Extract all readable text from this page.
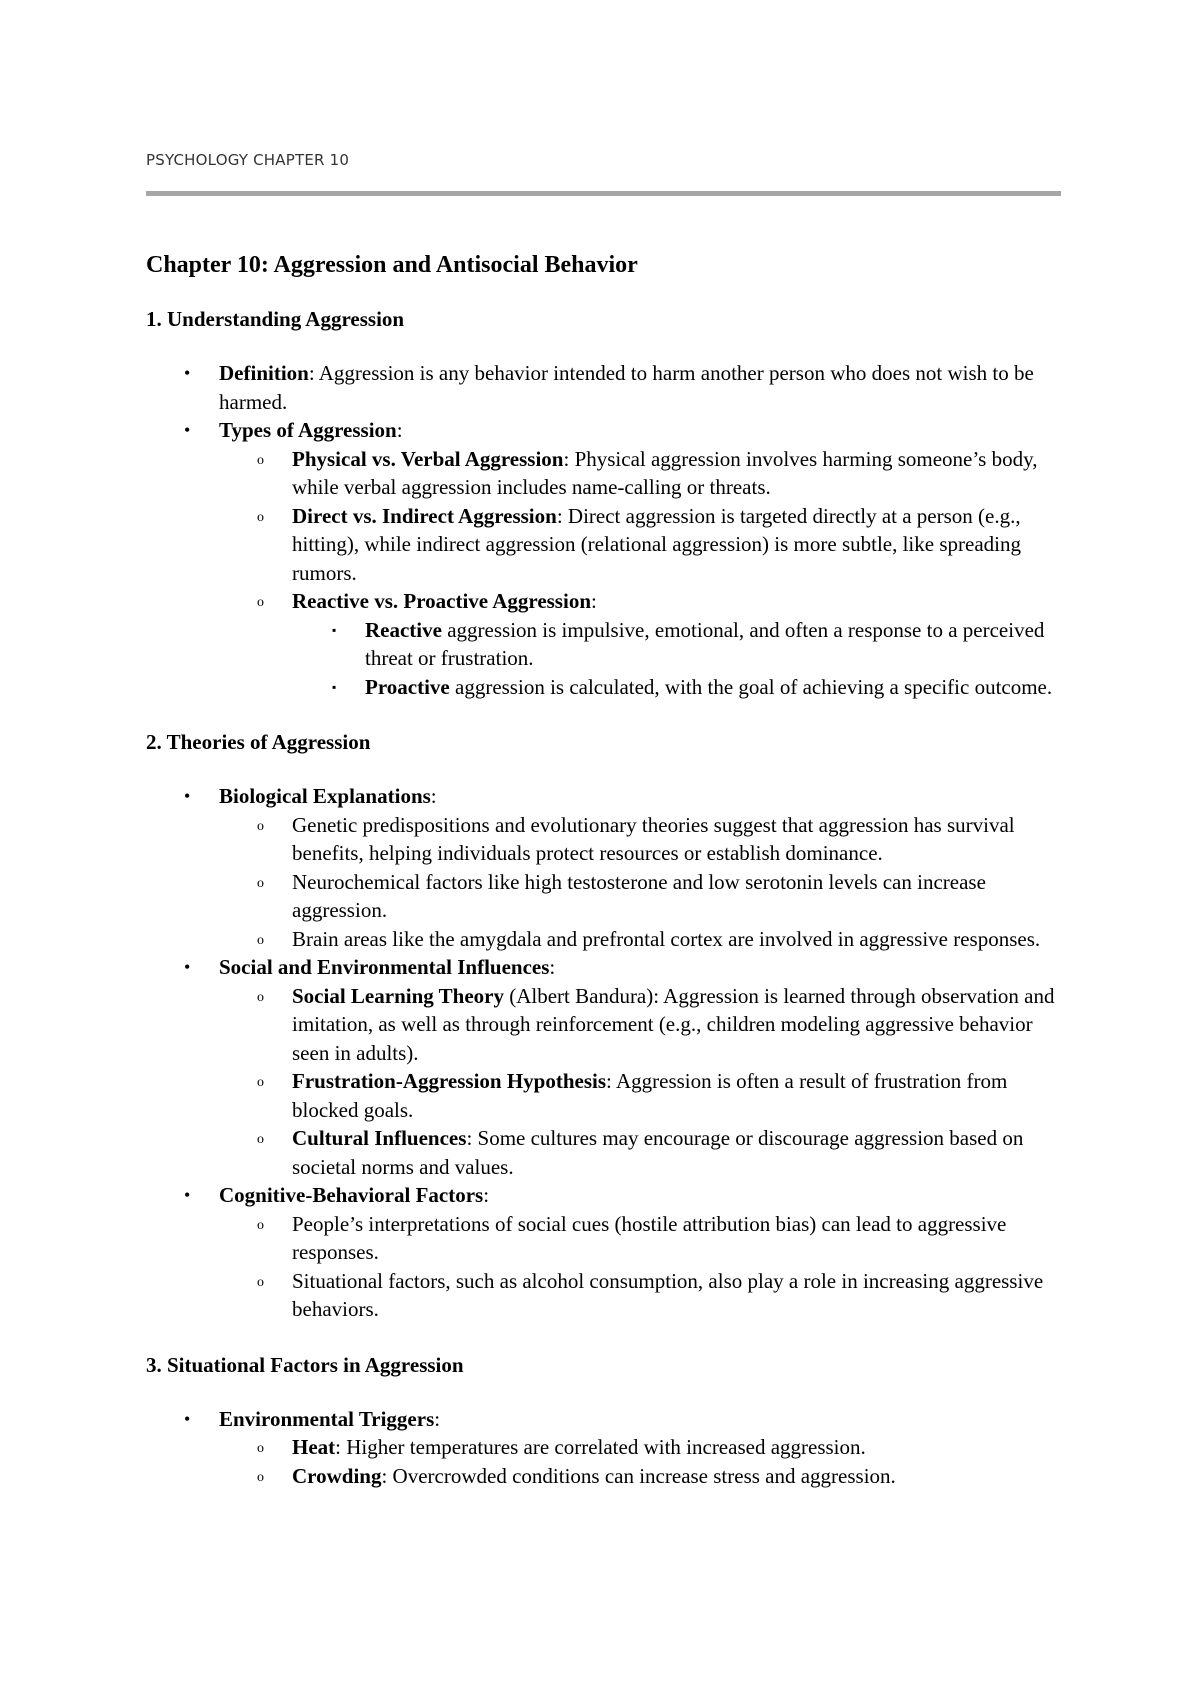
PSYCHOLOGY CHAPTER 10
Chapter 10: Aggression and Antisocial Behavior
1. Understanding Aggression
• Definition: Aggression is any behavior intended to harm another person who does not wish to be harmed.
• Types of Aggression:
o Physical vs. Verbal Aggression: Physical aggression involves harming someone’s body, while verbal aggression includes name-calling or threats.
o Direct vs. Indirect Aggression: Direct aggression is targeted directly at a person (e.g., hitting), while indirect aggression (relational aggression) is more subtle, like spreading rumors.
o Reactive vs. Proactive Aggression:
▪ Reactive aggression is impulsive, emotional, and often a response to a perceived threat or frustration.
▪ Proactive aggression is calculated, with the goal of achieving a specific outcome.
2. Theories of Aggression
• Biological Explanations:
o Genetic predispositions and evolutionary theories suggest that aggression has survival benefits, helping individuals protect resources or establish dominance.
o Neurochemical factors like high testosterone and low serotonin levels can increase aggression.
o Brain areas like the amygdala and prefrontal cortex are involved in aggressive responses.
• Social and Environmental Influences:
o Social Learning Theory (Albert Bandura): Aggression is learned through observation and imitation, as well as through reinforcement (e.g., children modeling aggressive behavior seen in adults).
o Frustration-Aggression Hypothesis: Aggression is often a result of frustration from blocked goals.
o Cultural Influences: Some cultures may encourage or discourage aggression based on societal norms and values.
• Cognitive-Behavioral Factors:
o People’s interpretations of social cues (hostile attribution bias) can lead to aggressive responses.
o Situational factors, such as alcohol consumption, also play a role in increasing aggressive behaviors.
3. Situational Factors in Aggression
• Environmental Triggers:
o Heat: Higher temperatures are correlated with increased aggression.
o Crowding: Overcrowded conditions can increase stress and aggression.
